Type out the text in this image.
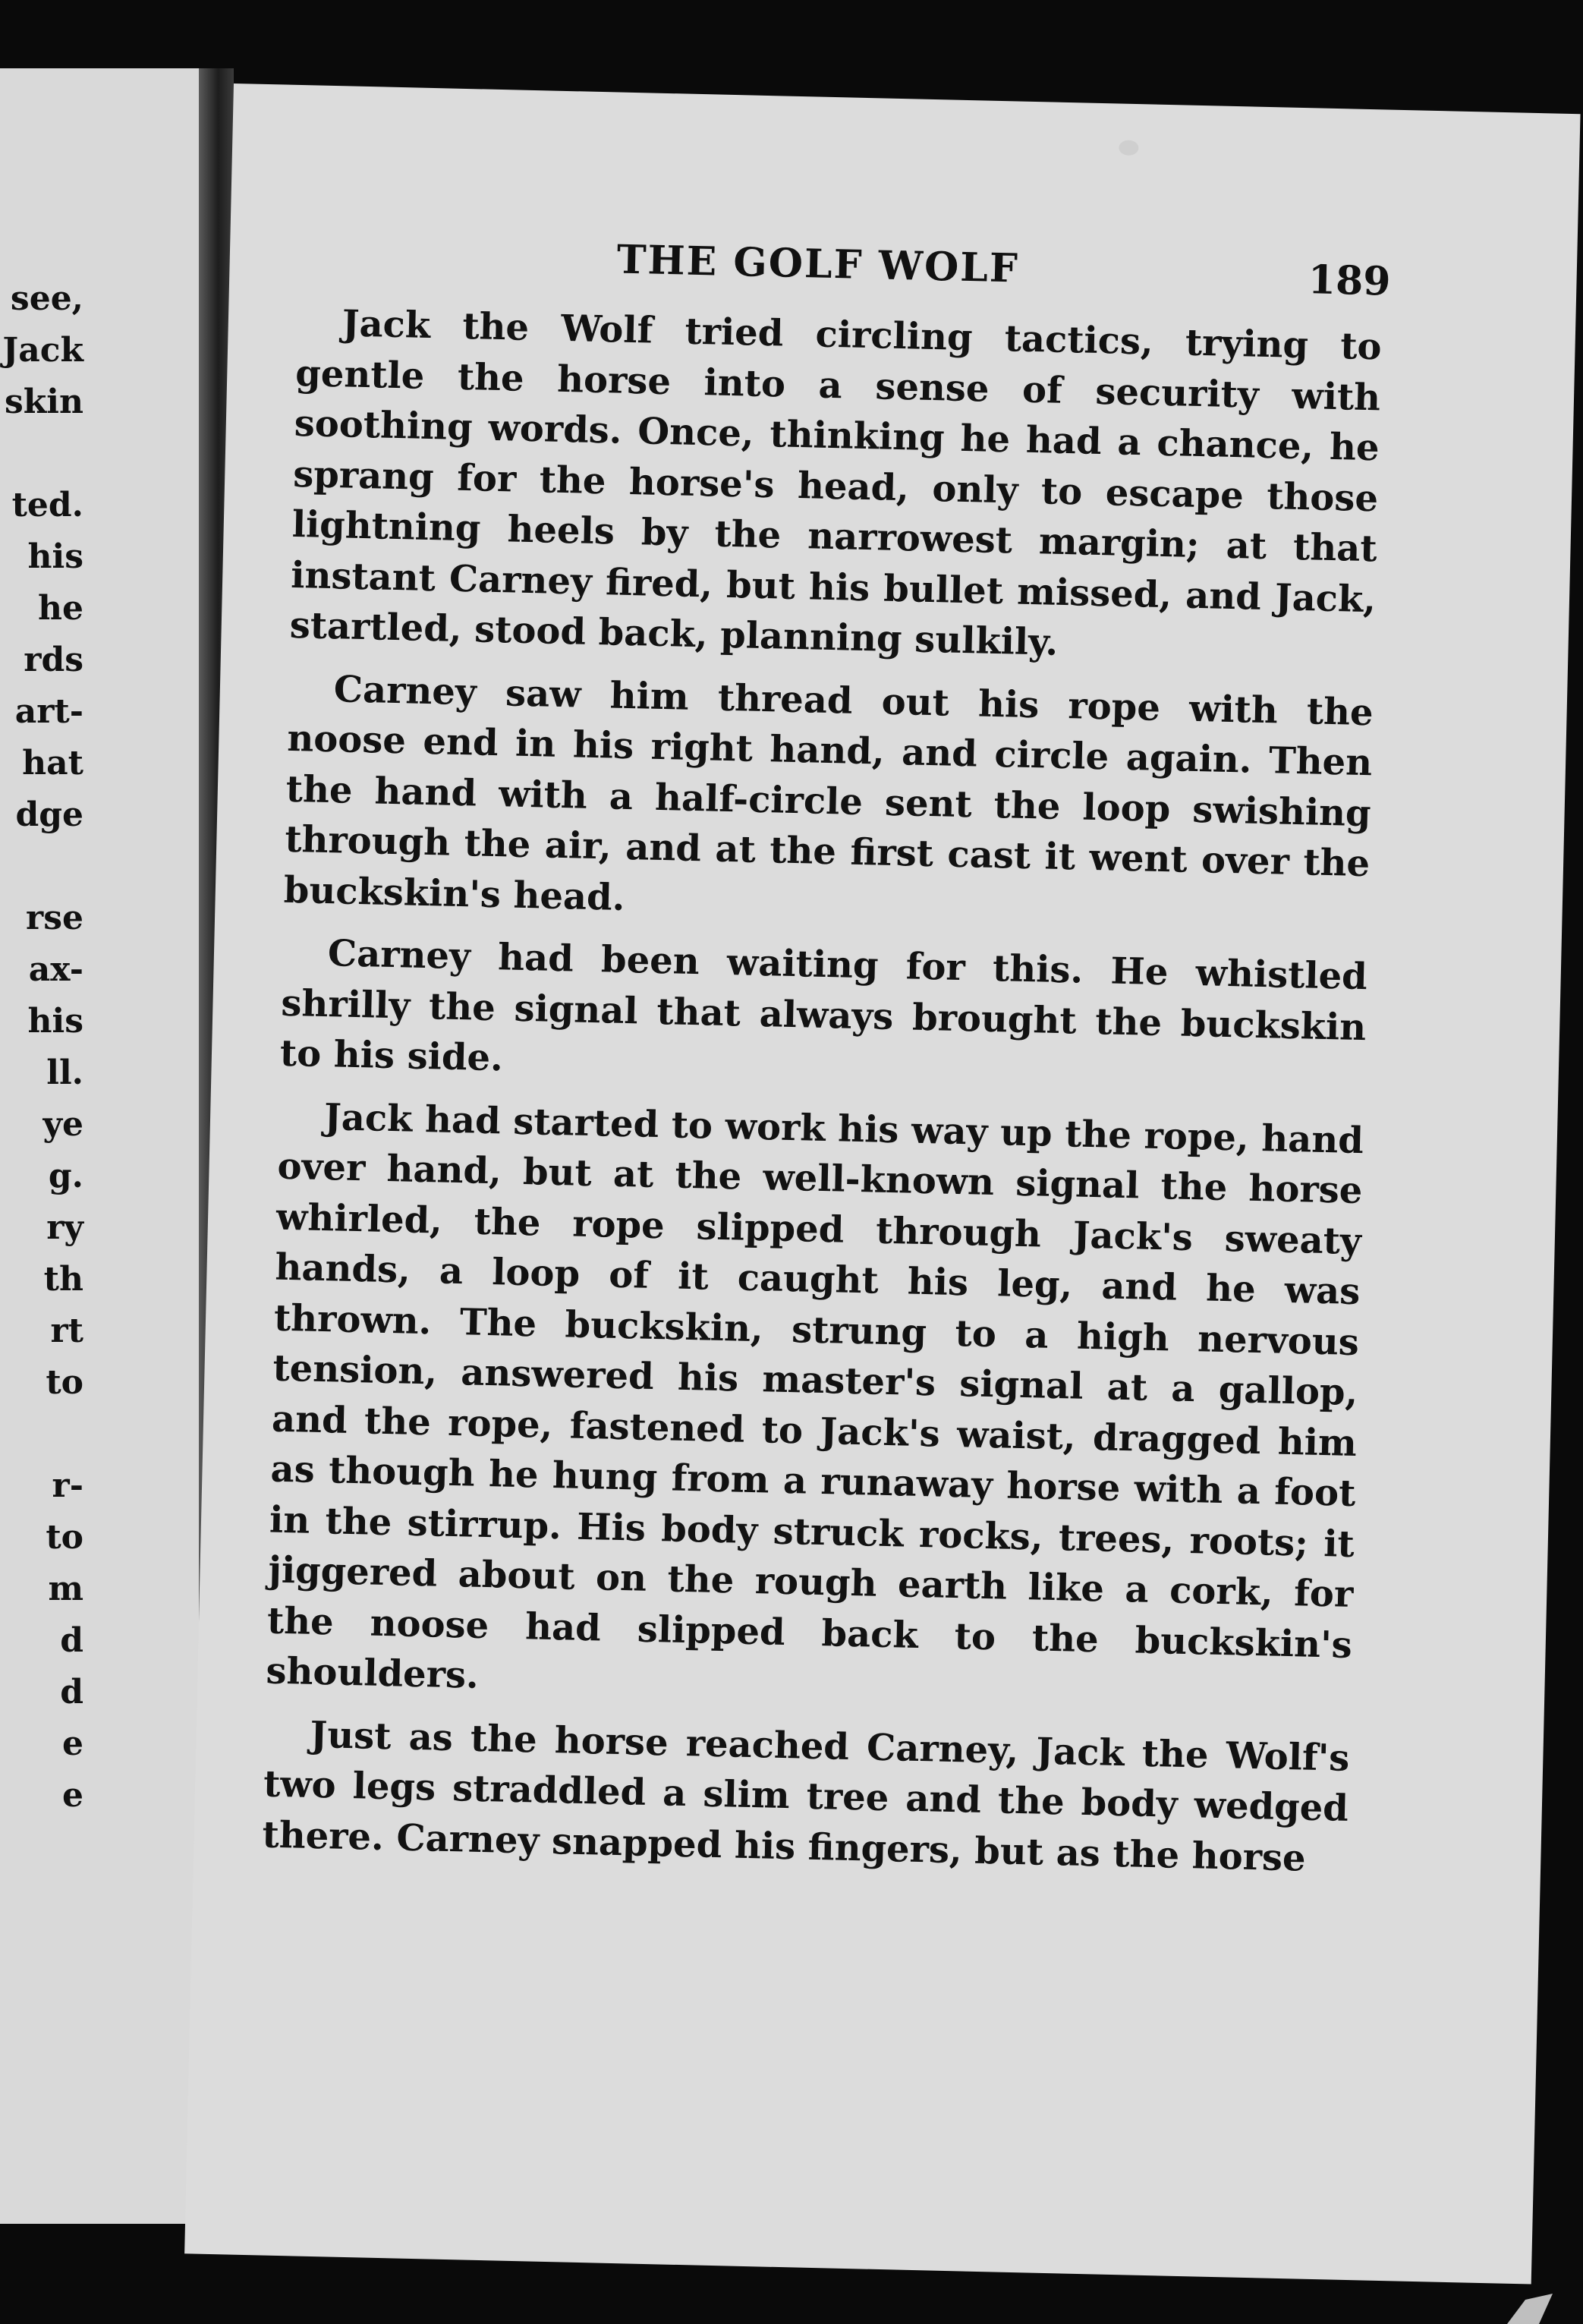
see,
Jack
skin

ted.
his
he
rds
art-
hat
dge

rse
ax-
his
ll.
ye
g.
ry
th
rt
to

r-
to
m
d
d
e
e
THE GOLF WOLF	189

Jack the Wolf tried circling tactics, trying to gentle the horse into a sense of security with soothing words. Once, thinking he had a chance, he sprang for the horse's head, only to escape those lightning heels by the narrowest margin; at that instant Carney fired, but his bullet missed, and Jack, startled, stood back, planning sulkily.

Carney saw him thread out his rope with the noose end in his right hand, and circle again. Then the hand with a half-circle sent the loop swishing through the air, and at the first cast it went over the buckskin's head.

Carney had been waiting for this. He whistled shrilly the signal that always brought the buckskin to his side.

Jack had started to work his way up the rope, hand over hand, but at the well-known signal the horse whirled, the rope slipped through Jack's sweaty hands, a loop of it caught his leg, and he was thrown. The buckskin, strung to a high nervous tension, answered his master's signal at a gallop, and the rope, fastened to Jack's waist, dragged him as though he hung from a runaway horse with a foot in the stirrup. His body struck rocks, trees, roots; it jiggered about on the rough earth like a cork, for the noose had slipped back to the buckskin's shoulders.

Just as the horse reached Carney, Jack the Wolf's two legs straddled a slim tree and the body wedged there. Carney snapped his fingers, but as the horse
